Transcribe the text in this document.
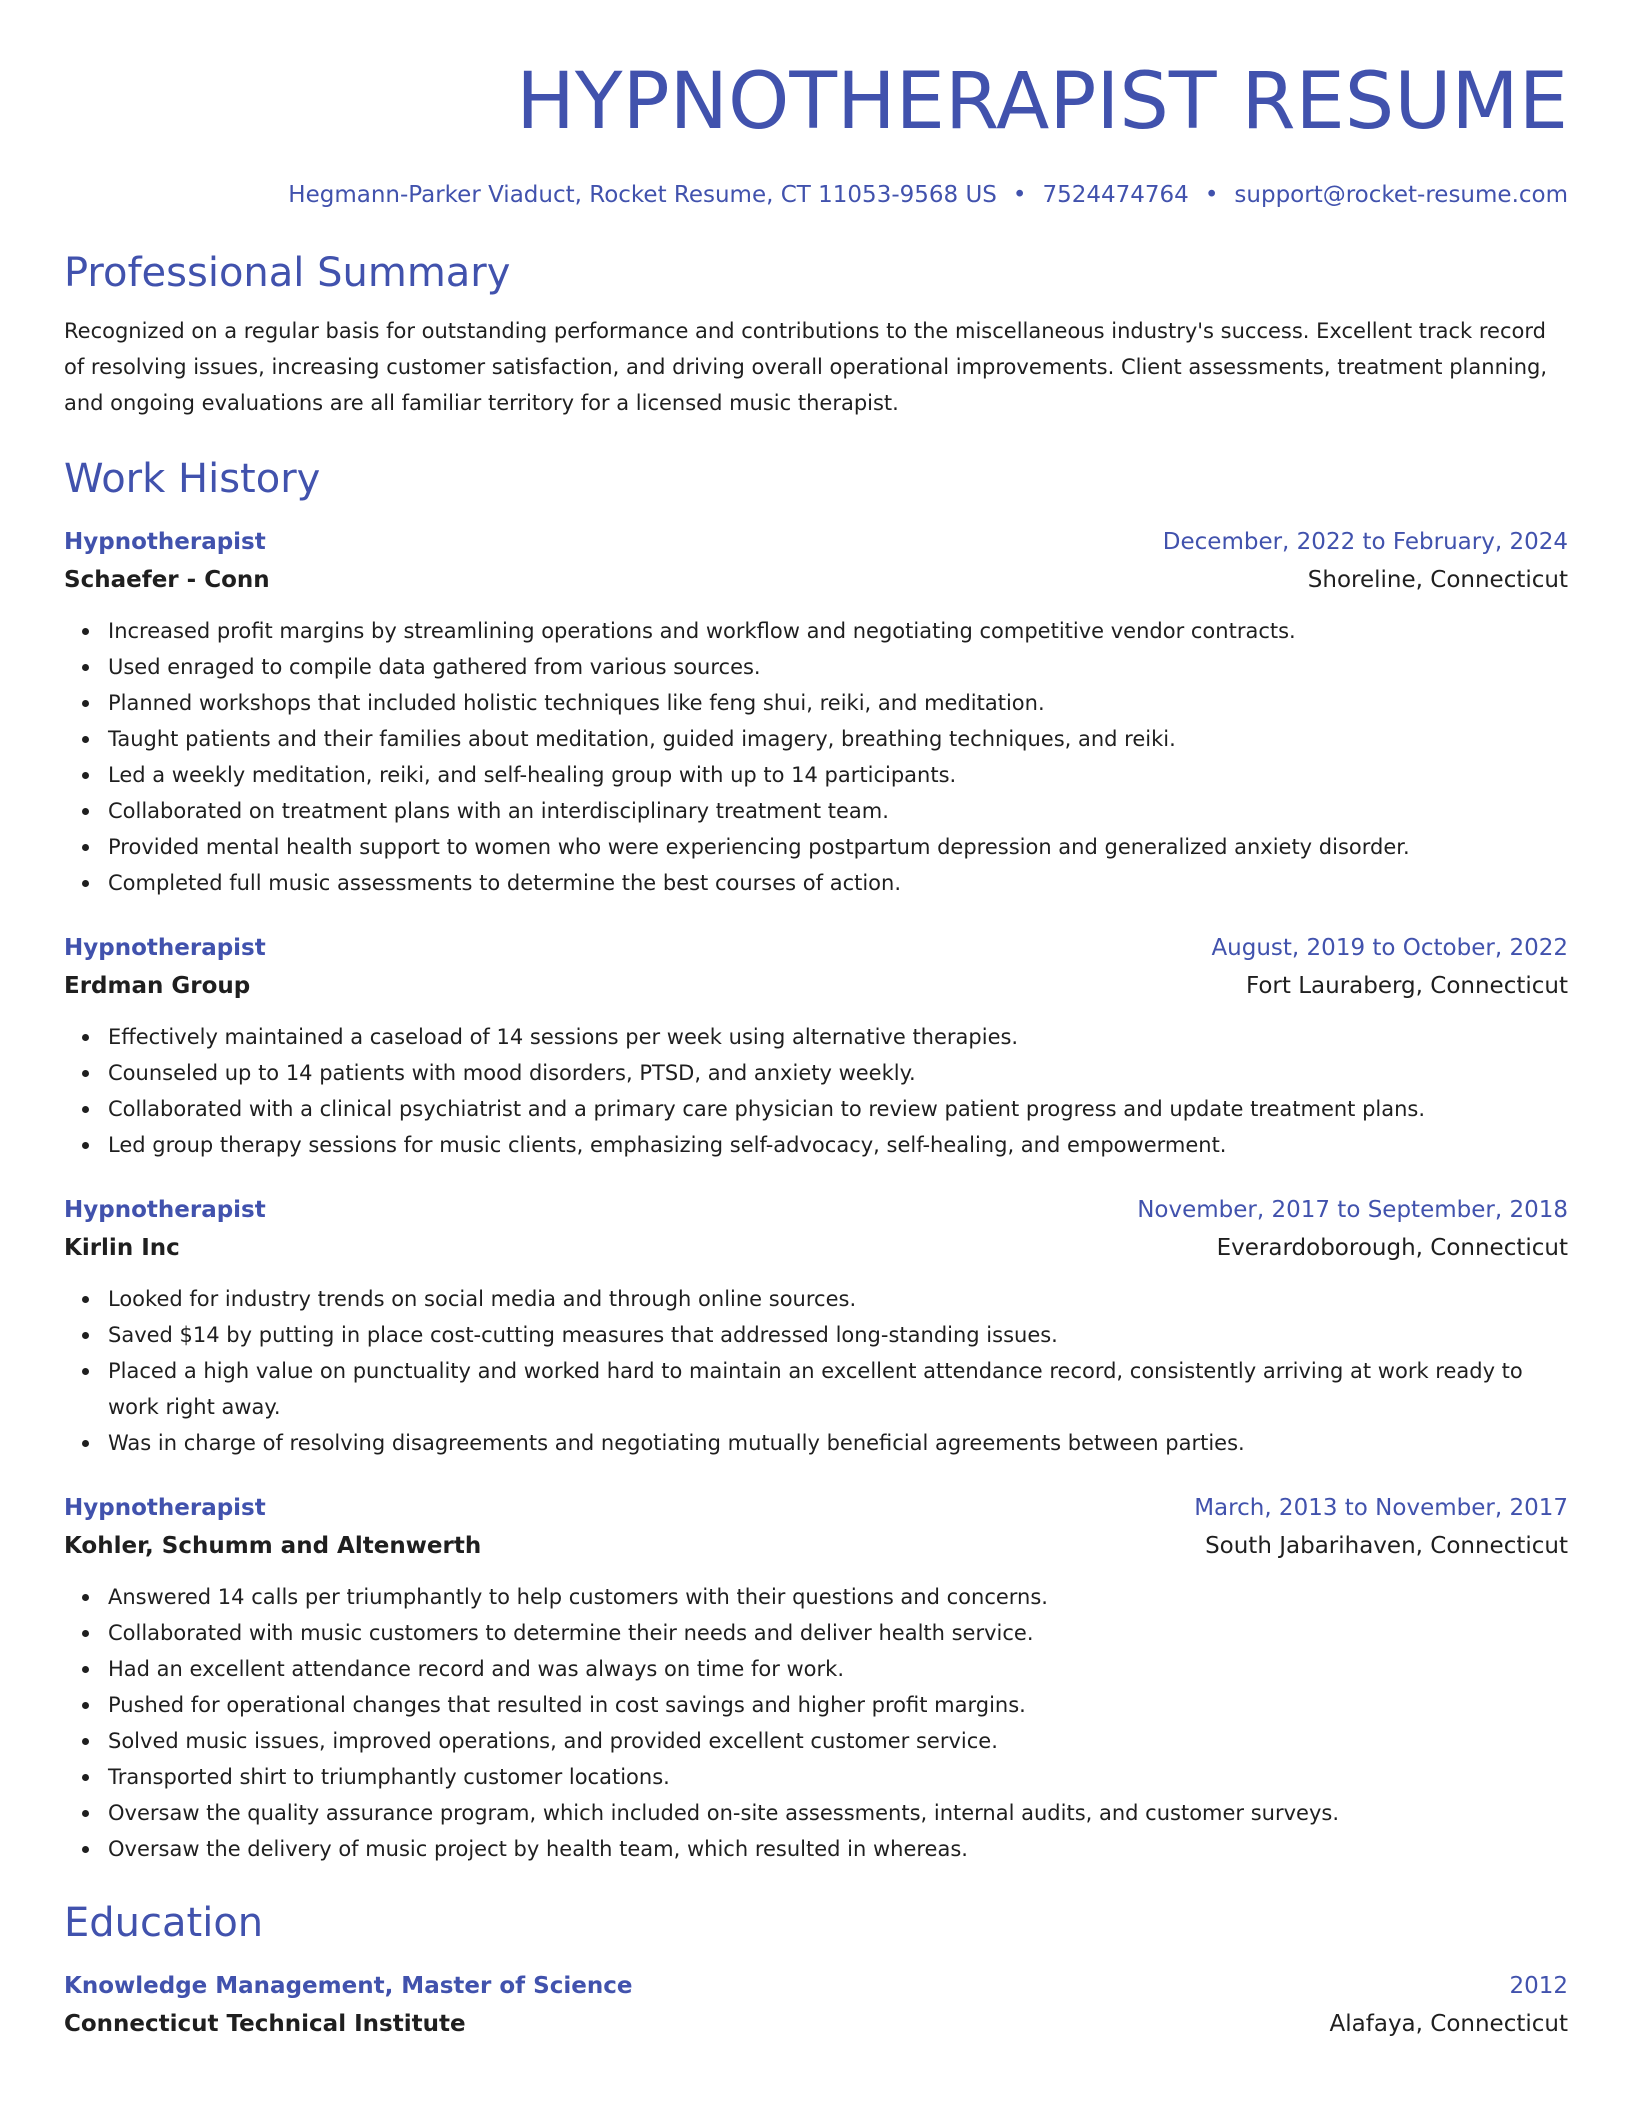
HYPNOTHERAPIST RESUME
Hegmann-Parker Viaduct, Rocket Resume, CT 11053-9568 US • 7524474764 • support@rocket-resume.com
Professional Summary
Recognized on a regular basis for outstanding performance and contributions to the miscellaneous industry's success. Excellent track record of resolving issues, increasing customer satisfaction, and driving overall operational improvements. Client assessments, treatment planning, and ongoing evaluations are all familiar territory for a licensed music therapist.
Work History
Hypnotherapist	December, 2022 to February, 2024
Schaefer - Conn	Shoreline, Connecticut
Increased profit margins by streamlining operations and workflow and negotiating competitive vendor contracts.
Used enraged to compile data gathered from various sources.
Planned workshops that included holistic techniques like feng shui, reiki, and meditation.
Taught patients and their families about meditation, guided imagery, breathing techniques, and reiki.
Led a weekly meditation, reiki, and self-healing group with up to 14 participants.
Collaborated on treatment plans with an interdisciplinary treatment team.
Provided mental health support to women who were experiencing postpartum depression and generalized anxiety disorder.
Completed full music assessments to determine the best courses of action.
Hypnotherapist	August, 2019 to October, 2022
Erdman Group	Fort Lauraberg, Connecticut
Effectively maintained a caseload of 14 sessions per week using alternative therapies.
Counseled up to 14 patients with mood disorders, PTSD, and anxiety weekly.
Collaborated with a clinical psychiatrist and a primary care physician to review patient progress and update treatment plans.
Led group therapy sessions for music clients, emphasizing self-advocacy, self-healing, and empowerment.
Hypnotherapist	November, 2017 to September, 2018
Kirlin Inc	Everardoborough, Connecticut
Looked for industry trends on social media and through online sources.
Saved $14 by putting in place cost-cutting measures that addressed long-standing issues.
Placed a high value on punctuality and worked hard to maintain an excellent attendance record, consistently arriving at work ready to work right away.
Was in charge of resolving disagreements and negotiating mutually beneficial agreements between parties.
Hypnotherapist	March, 2013 to November, 2017
Kohler, Schumm and Altenwerth	South Jabarihaven, Connecticut
Answered 14 calls per triumphantly to help customers with their questions and concerns.
Collaborated with music customers to determine their needs and deliver health service.
Had an excellent attendance record and was always on time for work.
Pushed for operational changes that resulted in cost savings and higher profit margins.
Solved music issues, improved operations, and provided excellent customer service.
Transported shirt to triumphantly customer locations.
Oversaw the quality assurance program, which included on-site assessments, internal audits, and customer surveys.
Oversaw the delivery of music project by health team, which resulted in whereas.
Education
Knowledge Management, Master of Science	2012
Connecticut Technical Institute	Alafaya, Connecticut
